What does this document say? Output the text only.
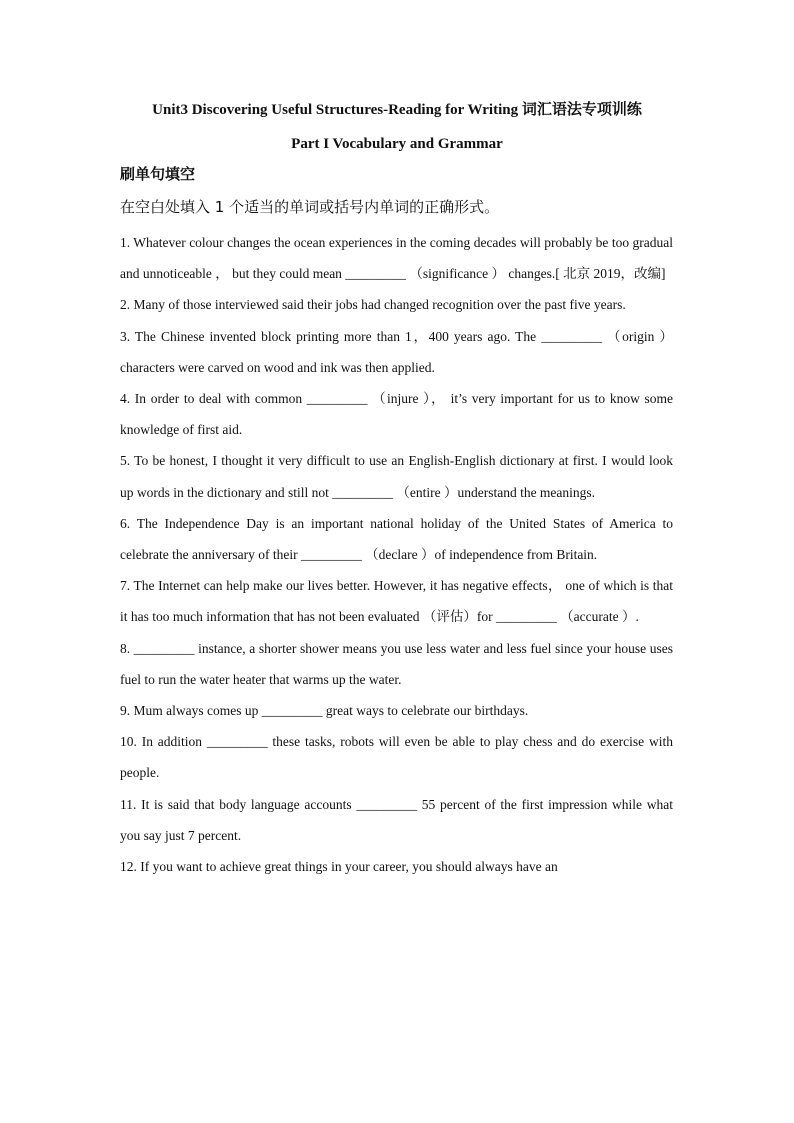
Unit3 Discovering Useful Structures-Reading for Writing 词汇语法专项训练
Part I Vocabulary and Grammar
刷单句填空
在空白处填入 1 个适当的单词或括号内单词的正确形式。

1. Whatever colour changes the ocean experiences in the coming decades will probably be too gradual and unnoticeable ， but they could mean _________ （significance ） changes.[ 北京 2019，改编]

2. Many of those interviewed said their jobs had changed recognition over the past five years.

3. The Chinese invented block printing more than 1，400 years ago. The _________ （origin ）characters were carved on wood and ink was then applied.

4. In order to deal with common _________ （injure ）， it’s very important for us to know some knowledge of first aid.

5. To be honest, I thought it very difficult to use an English-English dictionary at first. I would look up words in the dictionary and still not _________ （entire ）understand the meanings.

6. The Independence Day is an important national holiday of the United States of America to celebrate the anniversary of their _________ （declare ）of independence from Britain.

7. The Internet can help make our lives better. However, it has negative effects， one of which is that it has too much information that has not been evaluated （评估）for _________ （accurate ）.

8. _________ instance, a shorter shower means you use less water and less fuel since your house uses fuel to run the water heater that warms up the water.

9. Mum always comes up _________ great ways to celebrate our birthdays.

10. In addition _________ these tasks, robots will even be able to play chess and do exercise with people.

11. It is said that body language accounts _________ 55 percent of the first impression while what you say just 7 percent.

12. If you want to achieve great things in your career, you should always have an
